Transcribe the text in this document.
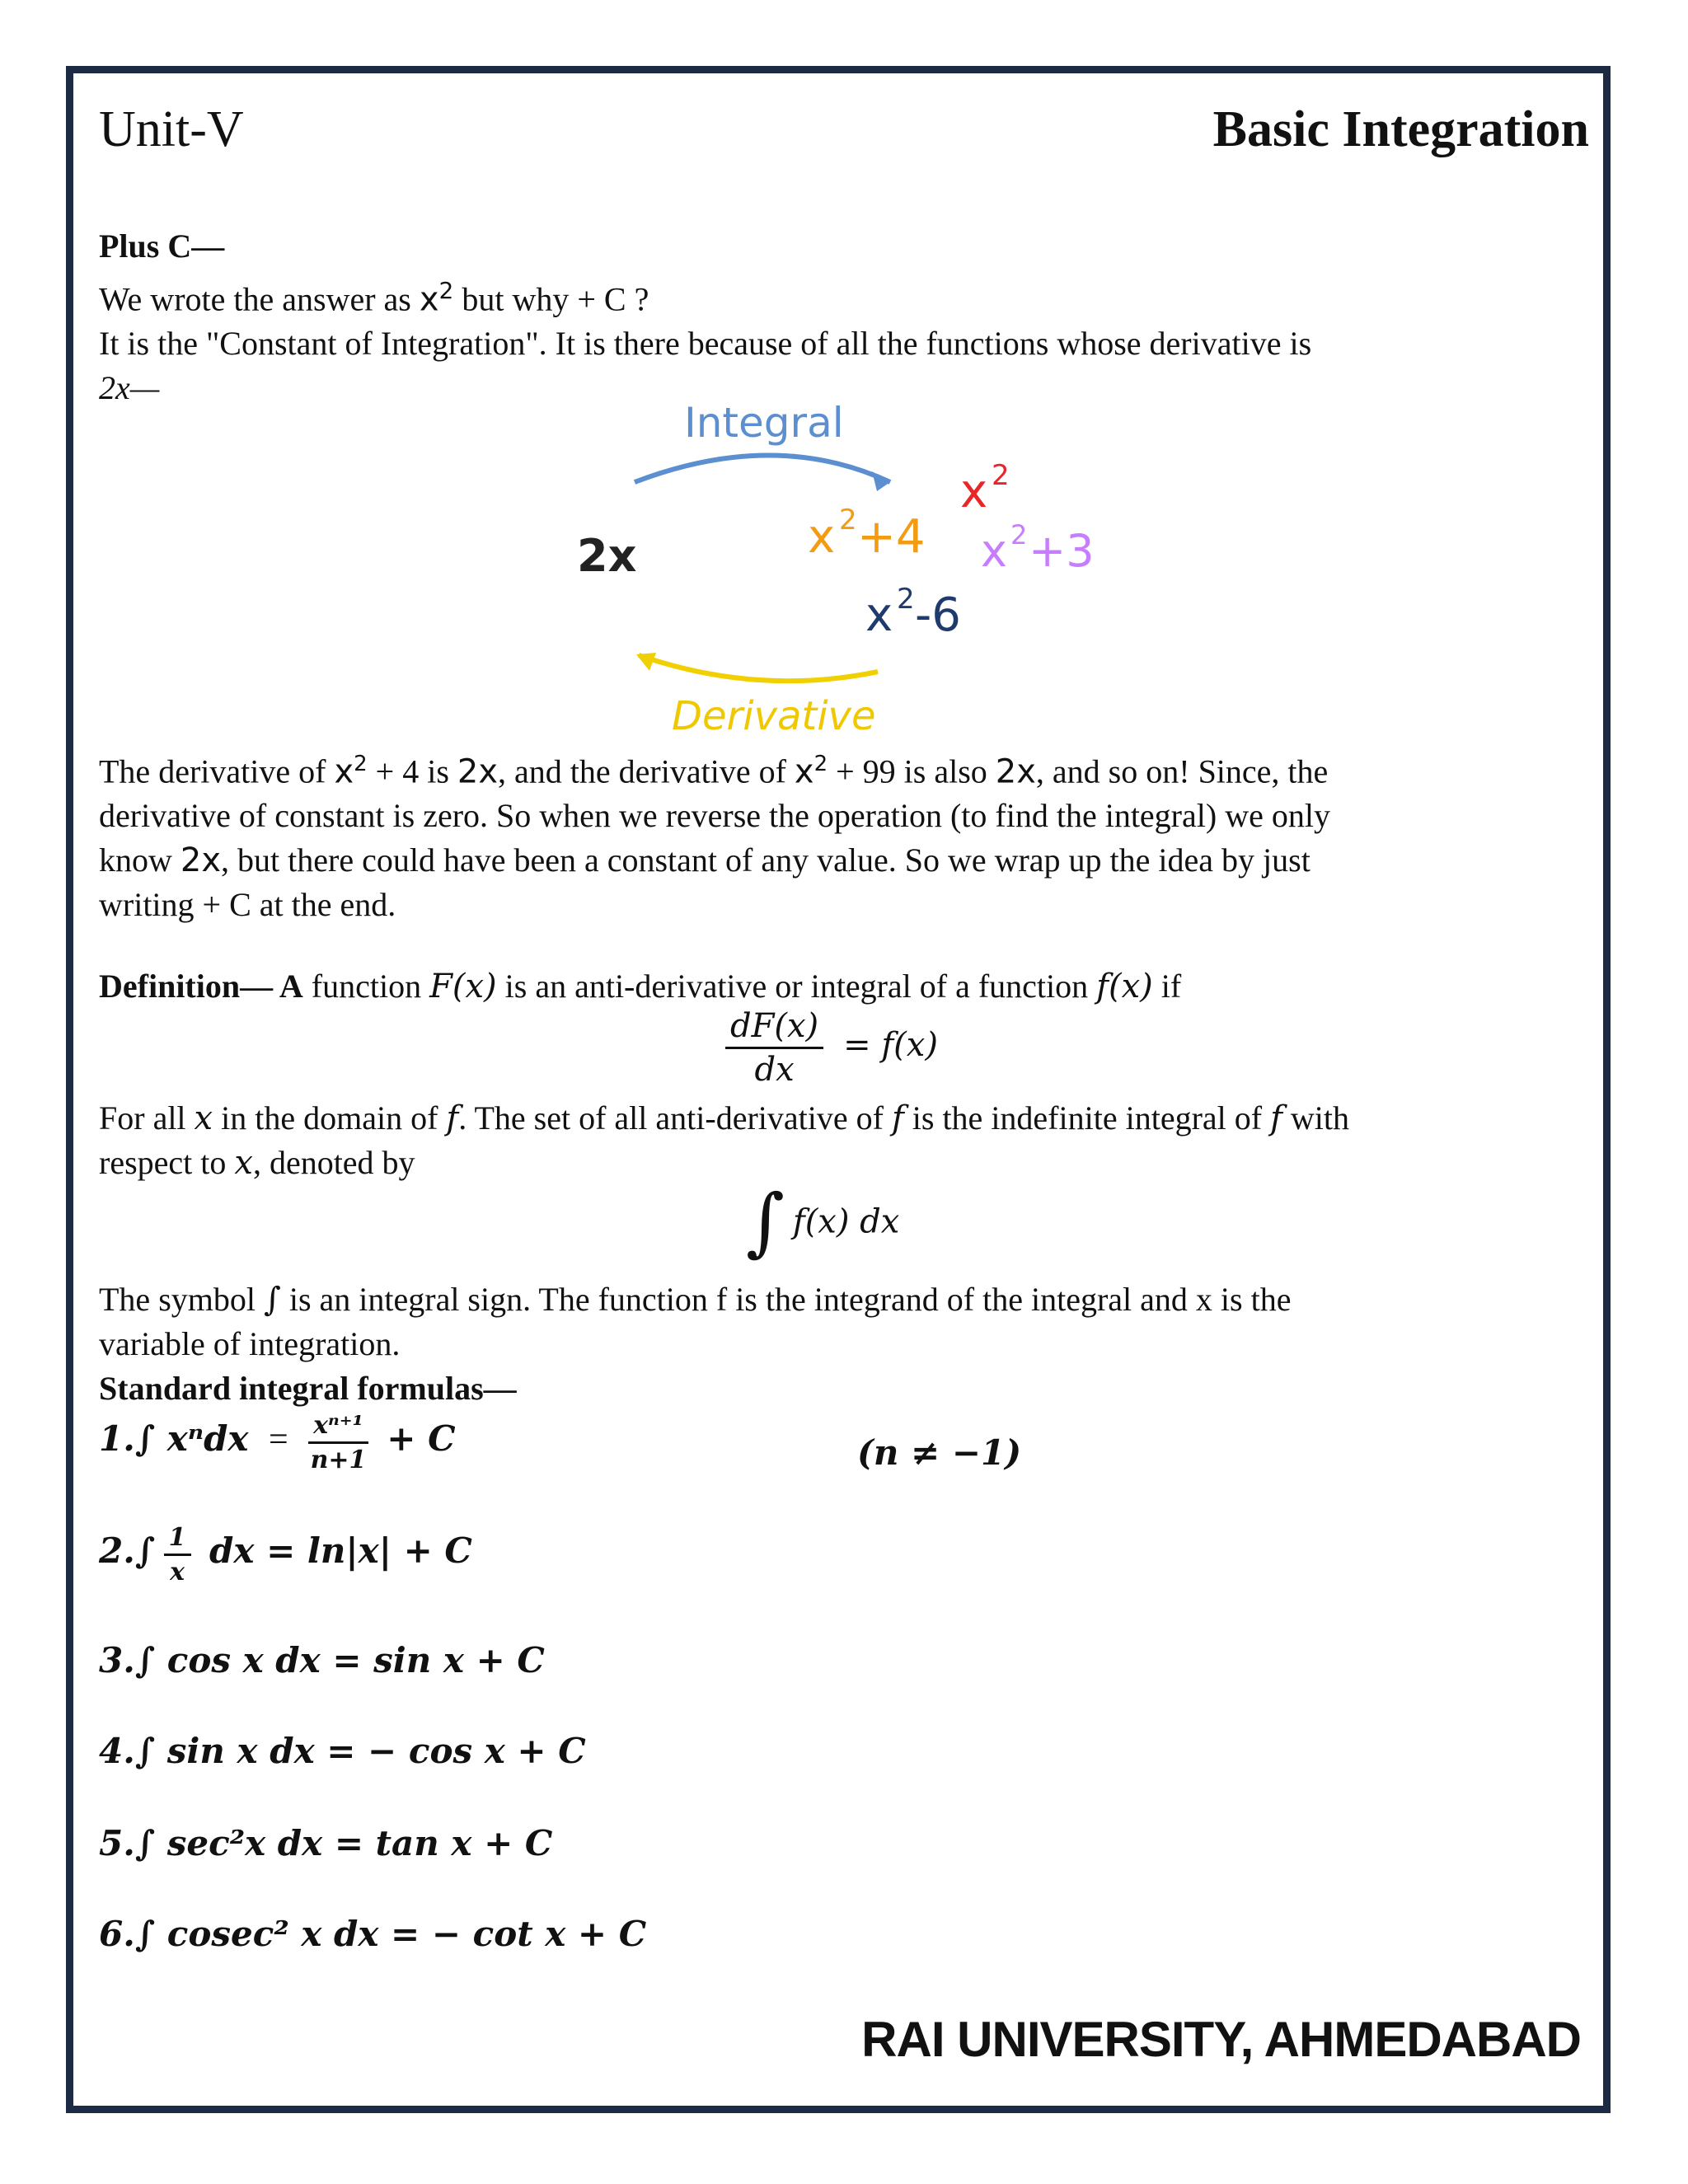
Unit-V	Basic Integration
Plus C—
We wrote the answer as $x^2$ but why + C ?
It is the "Constant of Integration". It is there because of all the functions whose derivative is
2x—
Integral
2x
x 2
x 2 +4 x 2 +3
x 2 -6
Derivative
The derivative of $x^2 + 4$ is 2x, and the derivative of $x^2 + 99$ is also 2x, and so on! Since, the
derivative of constant is zero. So when we reverse the operation (to find the integral) we only
know 2x, but there could have been a constant of any value. So we wrap up the idea by just
writing + C at the end.
Definition— A function F(x) is an anti-derivative or integral of a function f(x) if
$\frac{dF(x)}{dx} = f(x)$
For all x in the domain of f. The set of all anti-derivative of f is the indefinite integral of f with
respect to x, denoted by
∫ f(x) dx
The symbol ∫ is an integral sign. The function f is the integrand of the integral and x is the
variable of integration.
Standard integral formulas—
1.∫ $x^ndx = \frac{\text{xⁿ⁺¹}}{n+1} + C$	(n ≠ −1)
$2.\int \frac{1}{x}$ dx = ln|x| + C
3.∫ cos x dx = sin x + C
4.∫ sin x dx = − cos x + C
5.∫ sec²x dx = tan x + C
6.∫ cosec² x dx = − cot x + C
RAI UNIVERSITY, AHMEDABAD
